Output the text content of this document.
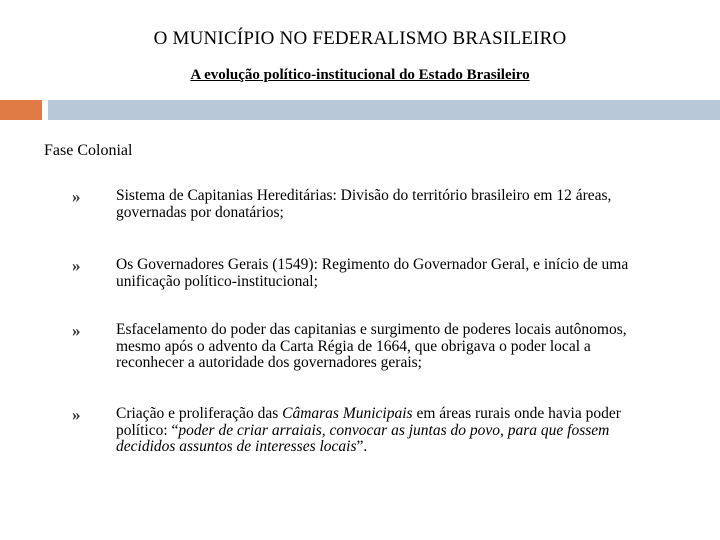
O MUNICÍPIO NO FEDERALISMO BRASILEIRO
A evolução político-institucional do Estado Brasileiro
Fase Colonial
» Sistema de Capitanias Hereditárias: Divisão do território brasileiro em 12 áreas, governadas por donatários;
» Os Governadores Gerais (1549): Regimento do Governador Geral, e início de uma unificação político-institucional;
» Esfacelamento do poder das capitanias e surgimento de poderes locais autônomos, mesmo após o advento da Carta Régia de 1664, que obrigava o poder local a reconhecer a autoridade dos governadores gerais;
» Criação e proliferação das Câmaras Municipais em áreas rurais onde havia poder político: “poder de criar arraiais, convocar as juntas do povo, para que fossem decididos assuntos de interesses locais”.
